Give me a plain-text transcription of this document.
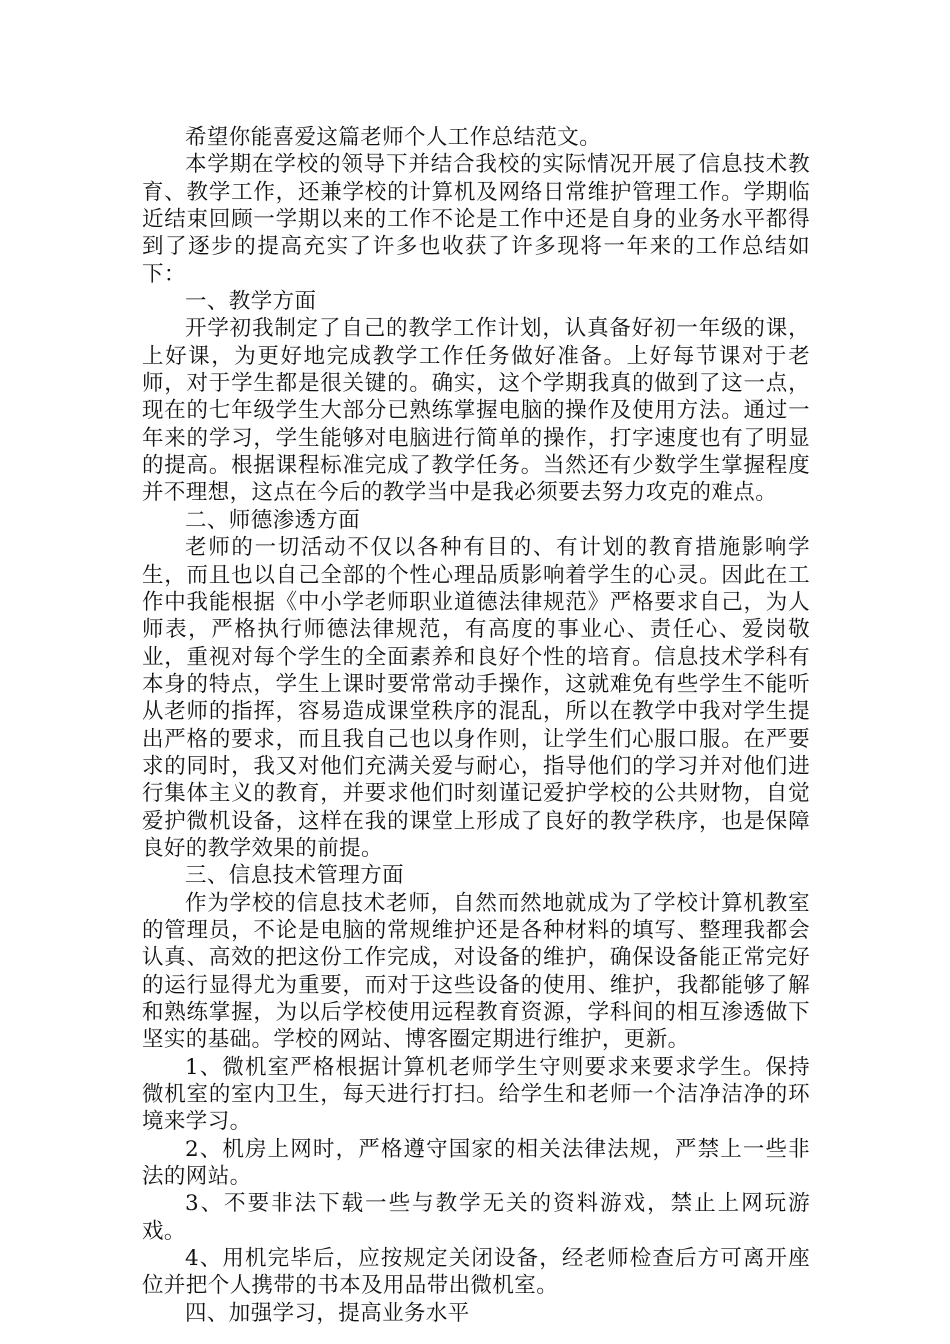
希望你能喜爱这篇老师个人工作总结范文。

本学期在学校的领导下并结合我校的实际情况开展了信息技术教育、教学工作，还兼学校的计算机及网络日常维护管理工作。学期临近结束回顾一学期以来的工作不论是工作中还是自身的业务水平都得到了逐步的提高充实了许多也收获了许多现将一年来的工作总结如下：

一、教学方面

开学初我制定了自己的教学工作计划，认真备好初一年级的课，上好课，为更好地完成教学工作任务做好准备。上好每节课对于老师，对于学生都是很关键的。确实，这个学期我真的做到了这一点，现在的七年级学生大部分已熟练掌握电脑的操作及使用方法。通过一年来的学习，学生能够对电脑进行简单的操作，打字速度也有了明显的提高。根据课程标准完成了教学任务。当然还有少数学生掌握程度并不理想，这点在今后的教学当中是我必须要去努力攻克的难点。

二、师德渗透方面

老师的一切活动不仅以各种有目的、有计划的教育措施影响学生，而且也以自己全部的个性心理品质影响着学生的心灵。因此在工作中我能根据《中小学老师职业道德法律规范》严格要求自己，为人师表，严格执行师德法律规范，有高度的事业心、责任心、爱岗敬业，重视对每个学生的全面素养和良好个性的培育。信息技术学科有本身的特点，学生上课时要常常动手操作，这就难免有些学生不能听从老师的指挥，容易造成课堂秩序的混乱，所以在教学中我对学生提出严格的要求，而且我自己也以身作则，让学生们心服口服。在严要求的同时，我又对他们充满关爱与耐心，指导他们的学习并对他们进行集体主义的教育，并要求他们时刻谨记爱护学校的公共财物，自觉爱护微机设备，这样在我的课堂上形成了良好的教学秩序，也是保障良好的教学效果的前提。

三、信息技术管理方面

作为学校的信息技术老师，自然而然地就成为了学校计算机教室的管理员，不论是电脑的常规维护还是各种材料的填写、整理我都会认真、高效的把这份工作完成，对设备的维护，确保设备能正常完好的运行显得尤为重要，而对于这些设备的使用、维护，我都能够了解和熟练掌握，为以后学校使用远程教育资源，学科间的相互渗透做下坚实的基础。学校的网站、博客圈定期进行维护，更新。

1、微机室严格根据计算机老师学生守则要求来要求学生。保持微机室的室内卫生，每天进行打扫。给学生和老师一个洁净洁净的环境来学习。

2、机房上网时，严格遵守国家的相关法律法规，严禁上一些非法的网站。

3、不要非法下载一些与教学无关的资料游戏，禁止上网玩游戏。

4、用机完毕后，应按规定关闭设备，经老师检查后方可离开座位并把个人携带的书本及用品带出微机室。

四、加强学习，提高业务水平
